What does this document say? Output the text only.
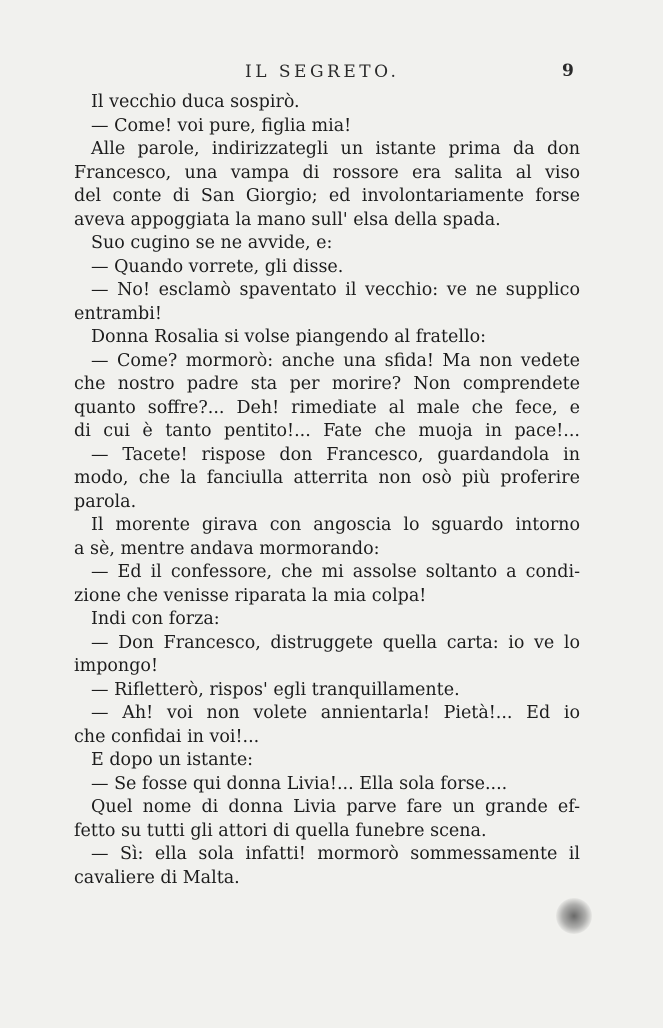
IL SEGRETO.	9
Il vecchio duca sospirò.
— Come! voi pure, figlia mia!
Alle parole, indirizzategli un istante prima da don
Francesco, una vampa di rossore era salita al viso
del conte di San Giorgio; ed involontariamente forse
aveva appoggiata la mano sull' elsa della spada.
Suo cugino se ne avvide, e:
— Quando vorrete, gli disse.
— No! esclamò spaventato il vecchio: ve ne supplico
entrambi!
Donna Rosalia si volse piangendo al fratello:
— Come? mormorò: anche una sfida! Ma non vedete
che nostro padre sta per morire? Non comprendete
quanto soffre?... Deh! rimediate al male che fece, e
di cui è tanto pentito!... Fate che muoja in pace!...
— Tacete! rispose don Francesco, guardandola in
modo, che la fanciulla atterrita non osò più proferire
parola.
Il morente girava con angoscia lo sguardo intorno
a sè, mentre andava mormorando:
— Ed il confessore, che mi assolse soltanto a condi-
zione che venisse riparata la mia colpa!
Indi con forza:
— Don Francesco, distruggete quella carta: io ve lo
impongo!
— Rifletterò, rispos' egli tranquillamente.
— Ah! voi non volete annientarla! Pietà!... Ed io
che confidai in voi!...
E dopo un istante:
— Se fosse qui donna Livia!... Ella sola forse....
Quel nome di donna Livia parve fare un grande ef-
fetto su tutti gli attori di quella funebre scena.
— Sì: ella sola infatti! mormorò sommessamente il
cavaliere di Malta.
